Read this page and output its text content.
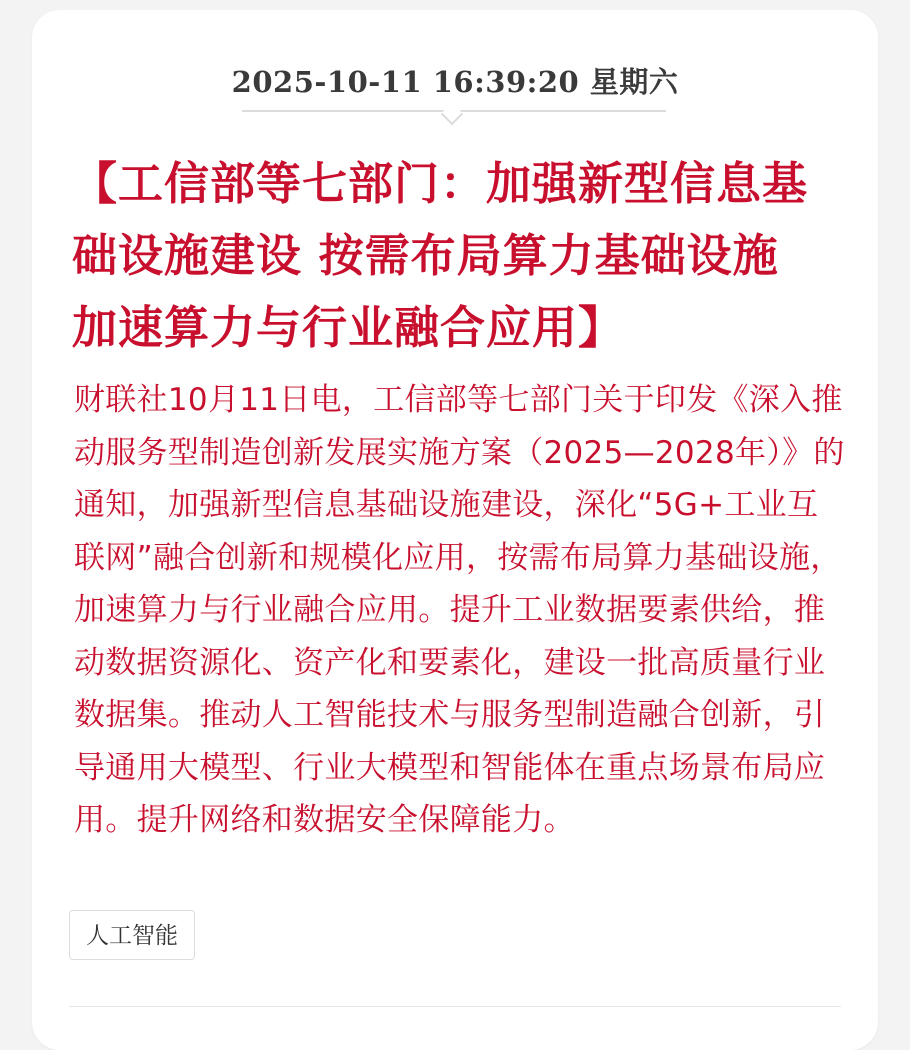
2025-10-11 16:39:20 星期六
【工信部等七部门：加强新型信息基础设施建设 按需布局算力基础设施 加速算力与行业融合应用】

财联社10月11日电，工信部等七部门关于印发《深入推动服务型制造创新发展实施方案（2025—2028年）》的通知，加强新型信息基础设施建设，深化“5G+工业互联网”融合创新和规模化应用，按需布局算力基础设施，加速算力与行业融合应用。提升工业数据要素供给，推动数据资源化、资产化和要素化，建设一批高质量行业数据集。推动人工智能技术与服务型制造融合创新，引导通用大模型、行业大模型和智能体在重点场景布局应用。提升网络和数据安全保障能力。

人工智能
